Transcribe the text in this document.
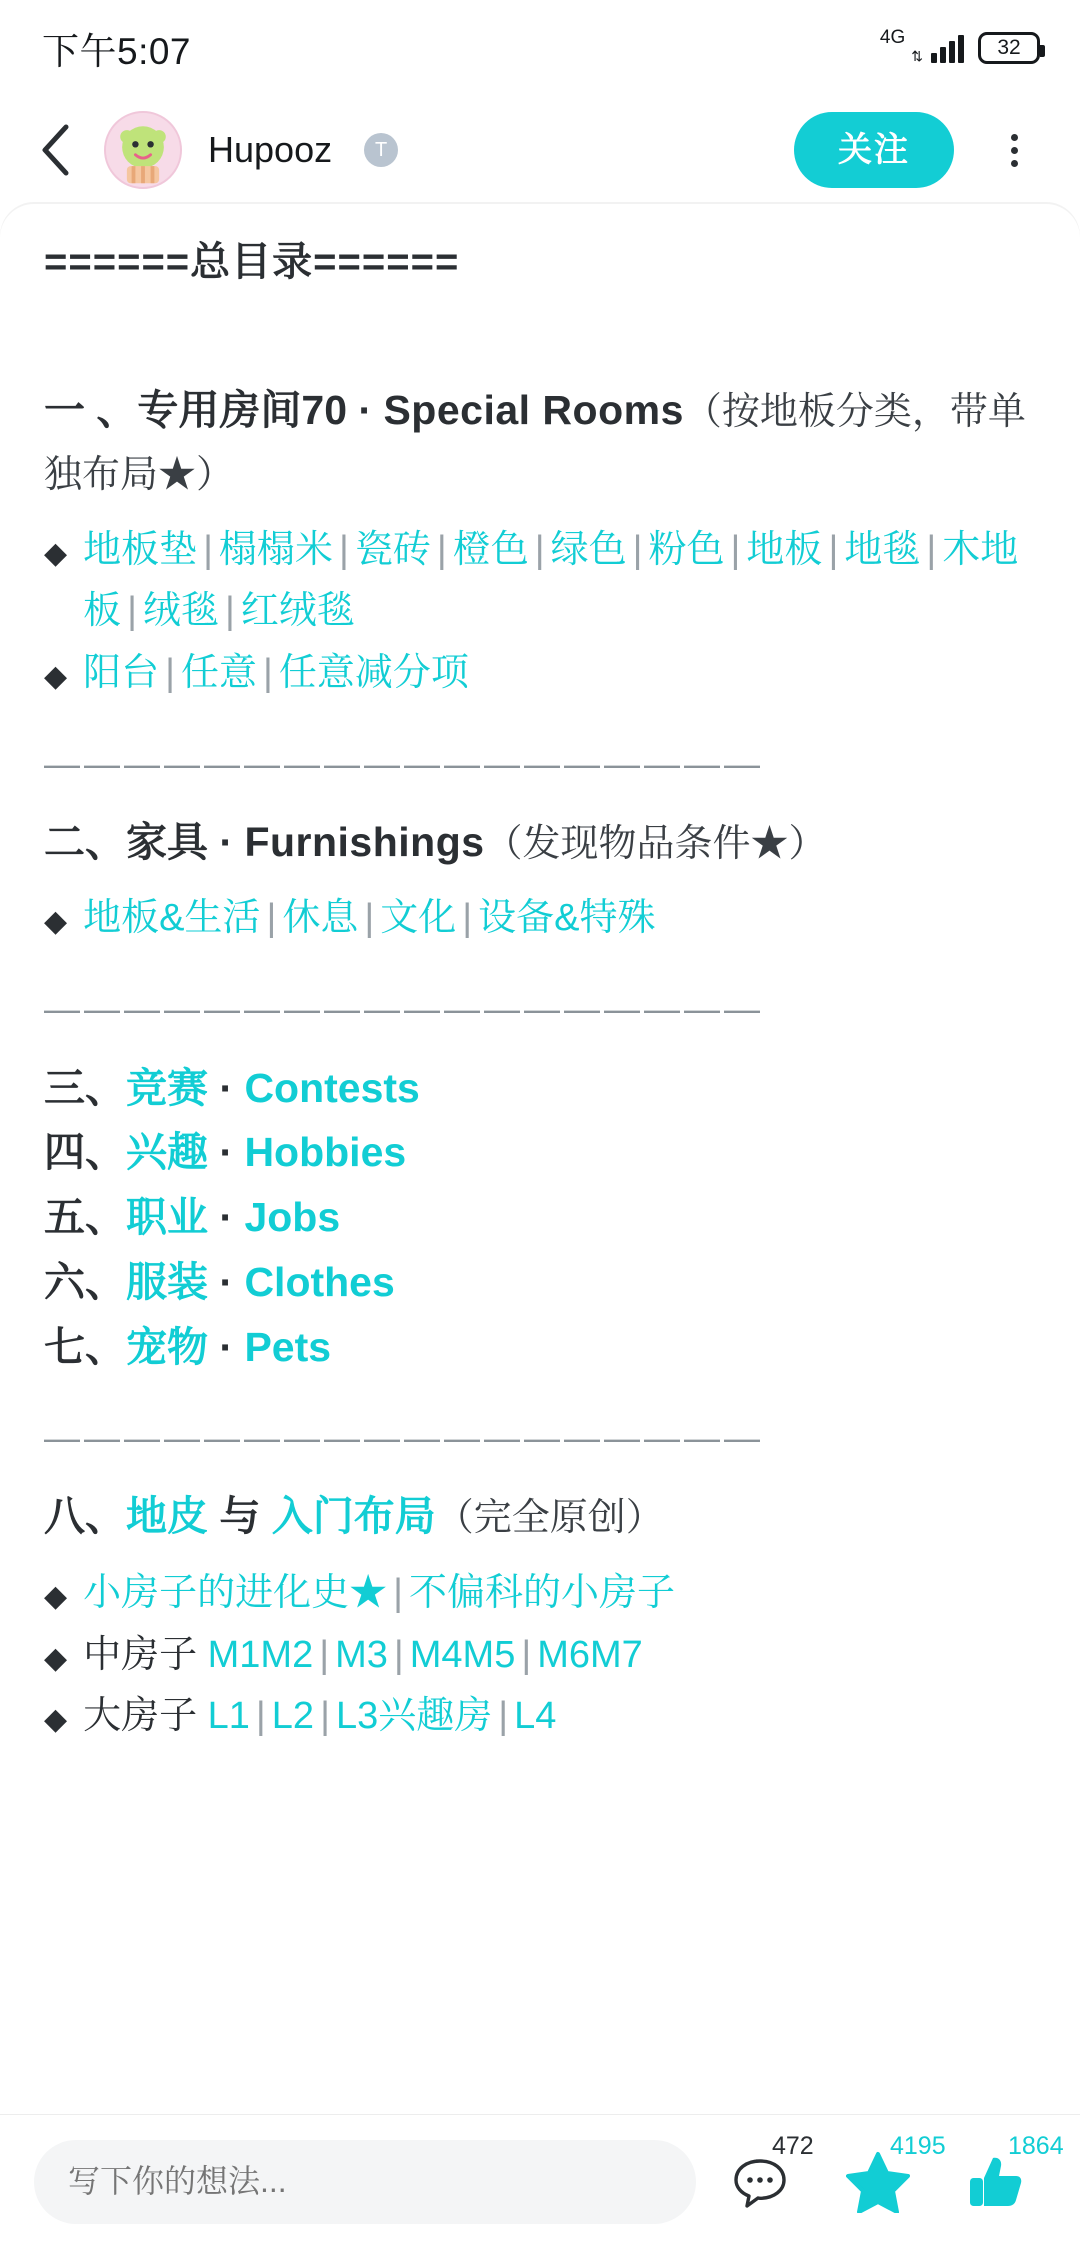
下午5:07	4G
⇅	32
Hupooz	T	关注
======总目录======
一 、专用房间70 · Special Rooms（按地板分类，带单独布局★）
◆ 地板垫 | 榻榻米 | 瓷砖 | 橙色 | 绿色 | 粉色 | 地板 | 地毯 | 木地板 | 绒毯 | 红绒毯
◆ 阳台 | 任意 | 任意减分项
——————————————————
二、家具 · Furnishings（发现物品条件★）
◆ 地板&生活 | 休息 | 文化 | 设备&特殊
——————————————————
三、竞赛 · Contests
四、兴趣 · Hobbies
五、职业 · Jobs
六、服装 · Clothes
七、宠物 · Pets
——————————————————
八、地皮 与 入门布局（完全原创）
◆ 小房子的进化史★ | 不偏科的小房子
◆ 中房子 M1M2 | M3 | M4M5 | M6M7
◆ 大房子 L1 | L2 | L3兴趣房 | L4
写下你的想法...
472	4195 1864
